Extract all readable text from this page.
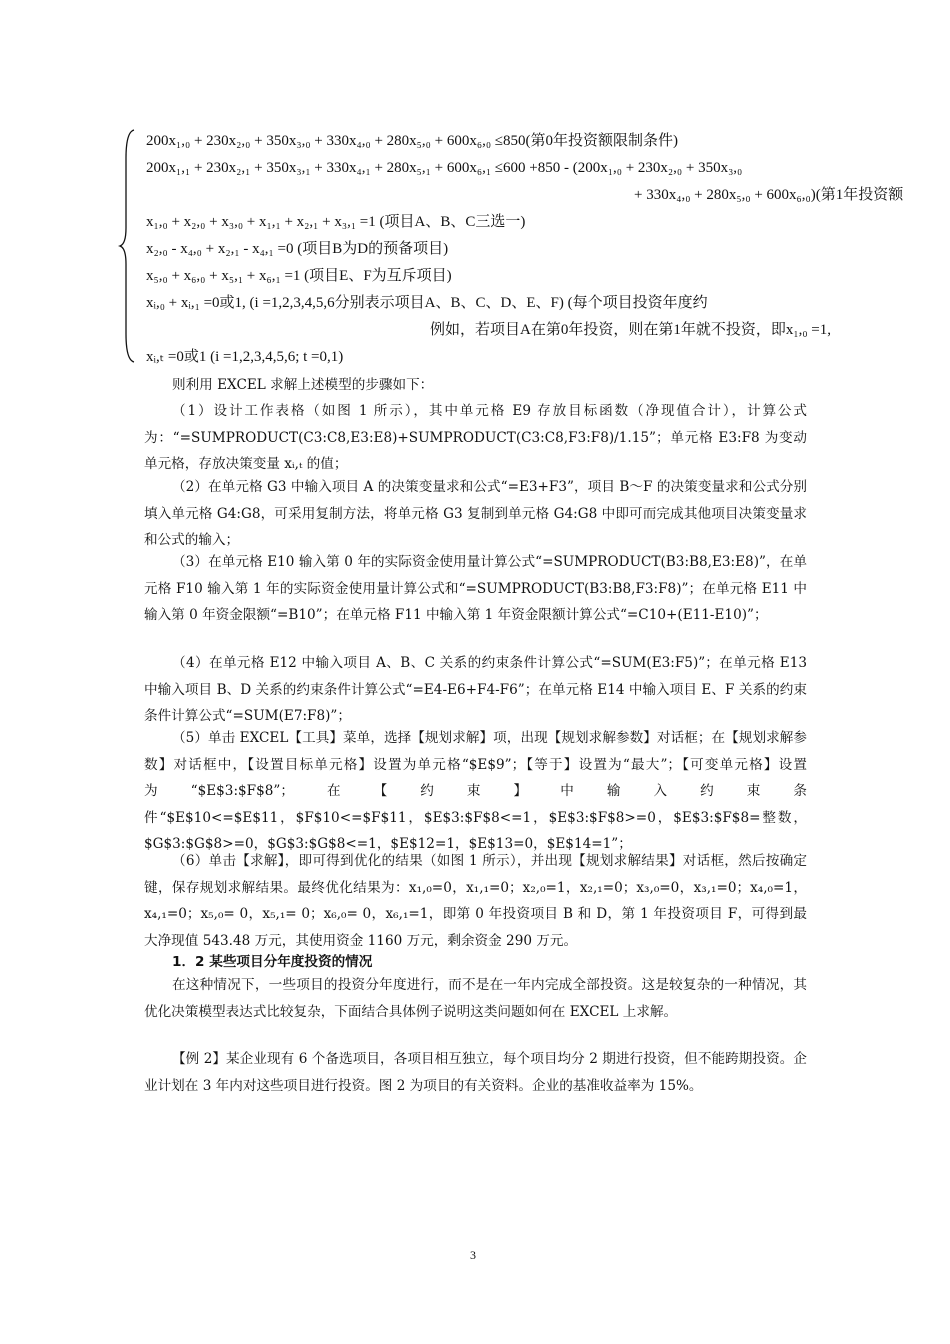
200x₁,₀ + 230x₂,₀ + 350x₃,₀ + 330x₄,₀ + 280x₅,₀ + 600x₆,₀ ≤850(第0年投资额限制条件)
200x₁,₁ + 230x₂,₁ + 350x₃,₁ + 330x₄,₁ + 280x₅,₁ + 600x₆,₁ ≤600 +850 - (200x₁,₀ + 230x₂,₀ + 350x₃,₀
+ 330x₄,₀ + 280x₅,₀ + 600x₆,₀)(第1年投资额
x₁,₀ + x₂,₀ + x₃,₀ + x₁,₁ + x₂,₁ + x₃,₁ =1 (项目A、B、C三选一)
x₂,₀ - x₄,₀ + x₂,₁ - x₄,₁ =0 (项目B为D的预备项目)
x₅,₀ + x₆,₀ + x₅,₁ + x₆,₁ =1 (项目E、F为互斥项目)
xᵢ,₀ + xᵢ,₁ =0或1, (i =1,2,3,4,5,6分别表示项目A、B、C、D、E、F) (每个项目投资年度约
例如，若项目A在第0年投资，则在第1年就不投资，即x₁,₀ =1,
xᵢ,ₜ =0或1 (i =1,2,3,4,5,6; t =0,1)
则利用 EXCEL 求解上述模型的步骤如下：
（1）设计工作表格（如图 1 所示），其中单元格 E9 存放目标函数（净现值合计），计算公式为：“=SUMPRODUCT(C3:C8,E3:E8)+SUMPRODUCT(C3:C8,F3:F8)/1.15”；单元格 E3:F8 为变动单元格，存放决策变量 xᵢ,ₜ 的值；
（2）在单元格 G3 中输入项目 A 的决策变量求和公式“=E3+F3”，项目 B～F 的决策变量求和公式分别填入单元格 G4:G8，可采用复制方法，将单元格 G3 复制到单元格 G4:G8 中即可而完成其他项目决策变量求和公式的输入；
（3）在单元格 E10 输入第 0 年的实际资金使用量计算公式“=SUMPRODUCT(B3:B8,E3:E8)”，在单元格 F10 输入第 1 年的实际资金使用量计算公式和“=SUMPRODUCT(B3:B8,F3:F8)”；在单元格 E11 中输入第 0 年资金限额“=B10”；在单元格 F11 中输入第 1 年资金限额计算公式“=C10+(E11-E10)”；
（4）在单元格 E12 中输入项目 A、B、C 关系的约束条件计算公式“=SUM(E3:F5)”；在单元格 E13 中输入项目 B、D 关系的约束条件计算公式“=E4-E6+F4-F6”；在单元格 E14 中输入项目 E、F 关系的约束条件计算公式“=SUM(E7:F8)”；
（5）单击 EXCEL【工具】菜单，选择【规划求解】项，出现【规划求解参数】对话框；在【规划求解参数】对话框中，【设置目标单元格】设置为单元格“$E$9”；【等于】设置为“最大”；【可变单元格】设置为“$E$3:$F$8”；在【约束】中输入约束条件“$E$10<=$E$11，$F$10<=$F$11，$E$3:$F$8<=1，$E$3:$F$8>=0，$E$3:$F$8=整数，$G$3:$G$8>=0，$G$3:$G$8<=1，$E$12=1，$E$13=0，$E$14=1”；
（6）单击【求解】，即可得到优化的结果（如图 1 所示），并出现【规划求解结果】对话框，然后按确定键，保存规划求解结果。最终优化结果为：x₁,₀=0，x₁,₁=0；x₂,₀=1，x₂,₁=0；x₃,₀=0，x₃,₁=0；x₄,₀=1，x₄,₁=0；x₅,₀= 0，x₅,₁= 0；x₆,₀= 0，x₆,₁=1，即第 0 年投资项目 B 和 D，第 1 年投资项目 F，可得到最大净现值 543.48 万元，其使用资金 1160 万元，剩余资金 290 万元。
1．2 某些项目分年度投资的情况
在这种情况下，一些项目的投资分年度进行，而不是在一年内完成全部投资。这是较复杂的一种情况，其优化决策模型表达式比较复杂，下面结合具体例子说明这类问题如何在 EXCEL 上求解。
【例 2】某企业现有 6 个备选项目，各项目相互独立，每个项目均分 2 期进行投资，但不能跨期投资。企业计划在 3 年内对这些项目进行投资。图 2 为项目的有关资料。企业的基准收益率为 15%。
3
